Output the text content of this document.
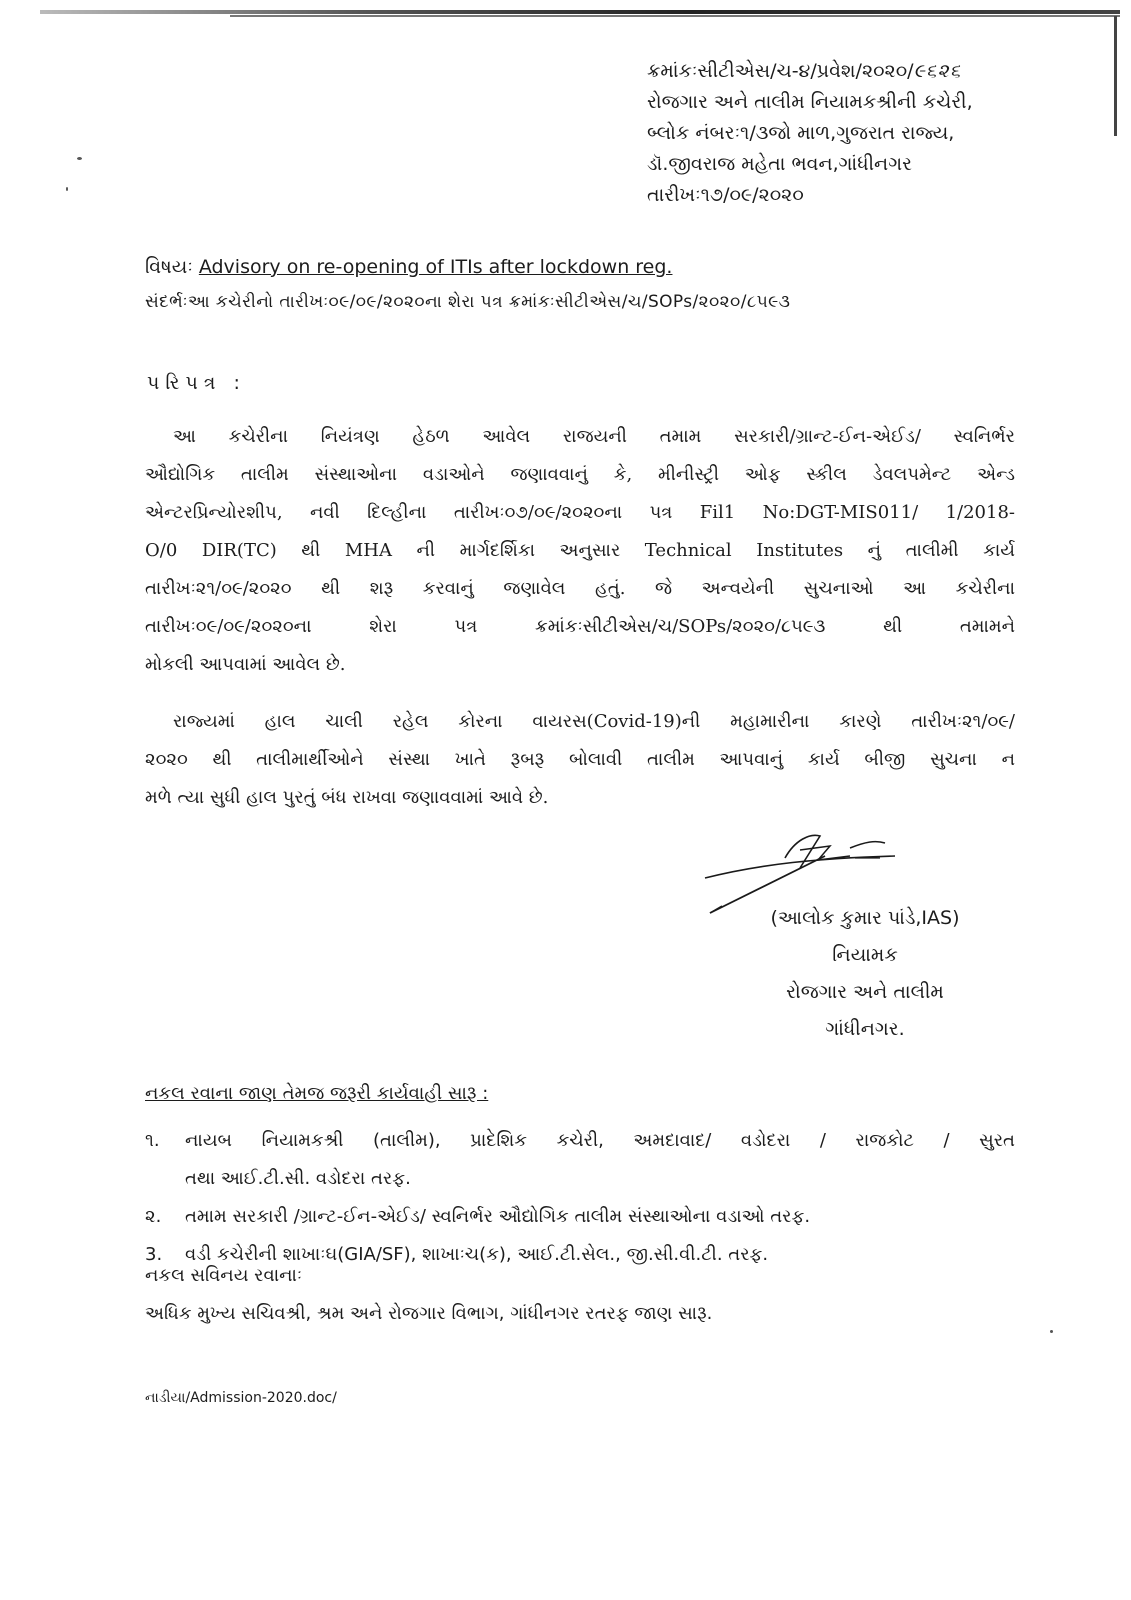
ક્રમાંકઃસીટીએસ/ચ-૪/પ્રવેશ/૨૦૨૦/૯૬૨૬
રોજગાર અને તાલીમ નિયામકશ્રીની કચેરી,
બ્લોક નંબરઃ૧/૩જો માળ,ગુજરાત રાજ્ય,
ડૉ.જીવરાજ મહેતા ભવન,ગાંધીનગર
તારીખઃ૧૭/૦૯/૨૦૨૦
વિષયઃ Advisory on re-opening of ITIs after lockdown reg.
સંદર્ભઃઆ કચેરીનો તારીખઃ૦૯/૦૯/૨૦૨૦ના શેરા પત્ર ક્રમાંકઃસીટીએસ/ચ/SOPs/૨૦૨૦/૮૫૯૩
પરિપત્ર :
આ કચેરીના નિયંત્રણ હેઠળ આવેલ રાજયની તમામ સરકારી/ગ્રાન્ટ-ઈન-એઈડ/ સ્વનિર્ભર
ઔદ્યોગિક તાલીમ સંસ્થાઓના વડાઓને જણાવવાનું કે, મીનીસ્ટ્રી ઓફ સ્કીલ ડેવલપમેન્ટ એન્ડ
એન્ટરપ્રિન્યોરશીપ, નવી દિલ્હીના તારીખઃ૦૭/૦૯/૨૦૨૦ના પત્ર Fil1 No:DGT-MIS011/ 1/2018-
O/0 DIR(TC) થી MHA ની માર્ગદર્શિકા અનુસાર Technical Institutes નું તાલીમી કાર્ય
તારીખઃ૨૧/૦૯/૨૦૨૦ થી શરૂ કરવાનું જણાવેલ હતું. જે અન્વયેની સુચનાઓ આ કચેરીના
તારીખઃ૦૯/૦૯/૨૦૨૦ના શેરા પત્ર ક્રમાંકઃસીટીએસ/ચ/SOPs/૨૦૨૦/૮૫૯૩ થી તમામને
મોકલી આપવામાં આવેલ છે.
રાજ્યમાં હાલ ચાલી રહેલ કોરના વાયરસ(Covid-19)ની મહામારીના કારણે તારીખઃ૨૧/૦૯/
૨૦૨૦ થી તાલીમાર્થીઓને સંસ્થા ખાતે રૂબરૂ બોલાવી તાલીમ આપવાનું કાર્ય બીજી સુચના ન
મળે ત્યા સુધી હાલ પુરતું બંધ રાખવા જણાવવામાં આવે છે.
(આલોક કુમાર પાંડે,IAS)
નિયામક
રોજગાર અને તાલીમ
ગાંધીનગર.
નકલ રવાના જાણ તેમજ જરૂરી કાર્યવાહી સારૂ :
૧.	નાયબ નિયામકશ્રી (તાલીમ), પ્રાદેશિક કચેરી, અમદાવાદ/ વડોદરા / રાજકોટ / સુરત
તથા આઈ.ટી.સી. વડોદરા તરફ.
૨.	તમામ સરકારી /ગ્રાન્ટ-ઈન-એઈડ/ સ્વનિર્ભર ઔદ્યોગિક તાલીમ સંસ્થાઓના વડાઓ તરફ.
3.	વડી કચેરીની શાખાઃઘ(GIA/SF), શાખાઃચ(ક), આઈ.ટી.સેલ., જી.સી.વી.ટી. તરફ.
નકલ સવિનય રવાનાઃ
અધિક મુખ્ય સચિવશ્રી, શ્રમ અને રોજગાર વિભાગ, ગાંધીનગર રતરફ જાણ સારૂ.
નાડીયા/Admission-2020.doc/
